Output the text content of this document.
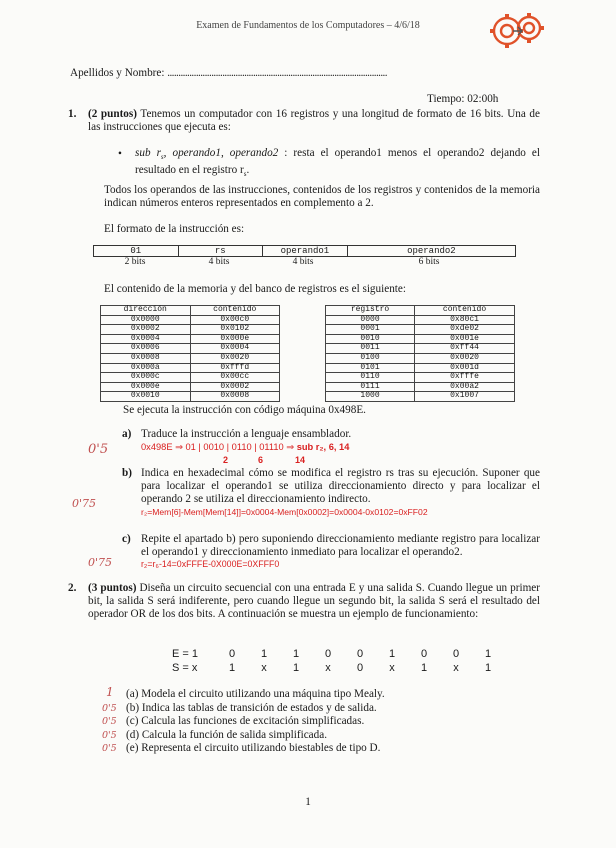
Examen de Fundamentos de los Computadores – 4/6/18
Apellidos y Nombre: ....................................................................................................
Tiempo: 02:00h
1. (2 puntos) Tenemos un computador con 16 registros y una longitud de formato de 16 bits. Una de las instrucciones que ejecuta es:
• sub $r_s$, operando1, operando2 : resta el operando1 menos el operando2 dejando el resultado en el registro $r_s$.
Todos los operandos de las instrucciones, contenidos de los registros y contenidos de la memoria indican números enteros representados en complemento a 2.
El formato de la instrucción es:
01	rs	operando1	operando2
2 bits	4 bits	4 bits	6 bits
El contenido de la memoria y del banco de registros es el siguiente:
dirección	contenido
0x0000	0x00c0
0x0002	0x0102
0x0004	0x000e
0x0006	0x0004
0x0008	0x0020
0x000a	0xfffd
0x000c	0x00cc
0x000e	0x0002
0x0010	0x0008
registro	contenido
0000	0x80c1
0001	0xde02
0010	0x001e
0011	0xff44
0100	0x0020
0101	0x001d
0110	0xfffe
0111	0x00a2
1000	0x1007
Se ejecuta la instrucción con código máquina 0x498E.
a) Traduce la instrucción a lenguaje ensamblador.
0x498E ⇒ 01 | 0010 | 0110 | 01110 ⇒ sub r₂, 6, 14
2	6	14
0'5
b) Indica en hexadecimal cómo se modifica el registro rs tras su ejecución. Suponer que para localizar el operando1 se utiliza direccionamiento directo y para localizar el operando 2 se utiliza el direccionamiento indirecto.
r₂=Mem[6]-Mem[Mem[14]]=0x0004-Mem[0x0002]=0x0004-0x0102=0xFF02
0'75
c) Repite el apartado b) pero suponiendo direccionamiento mediante registro para localizar el operando1 y direccionamiento inmediato para localizar el operando2.
r₂=r₆-14=0xFFFE-0X000E=0XFFF0
0'75
2. (3 puntos) Diseña un circuito secuencial con una entrada E y una salida S. Cuando llegue un primer bit, la salida S será indiferente, pero cuando llegue un segundo bit, la salida S será el resultado del operador OR de los dos bits. A continuación se muestra un ejemplo de funcionamiento:
E = 1	0 1 1 0 0 1 0 0 1
S = x	1 x 1 x 0 x 1 x 1
1 (a) Modela el circuito utilizando una máquina tipo Mealy.
0'5 (b) Indica las tablas de transición de estados y de salida.
0'5 (c) Calcula las funciones de excitación simplificadas.
0'5 (d) Calcula la función de salida simplificada.
0'5 (e) Representa el circuito utilizando biestables de tipo D.
1
